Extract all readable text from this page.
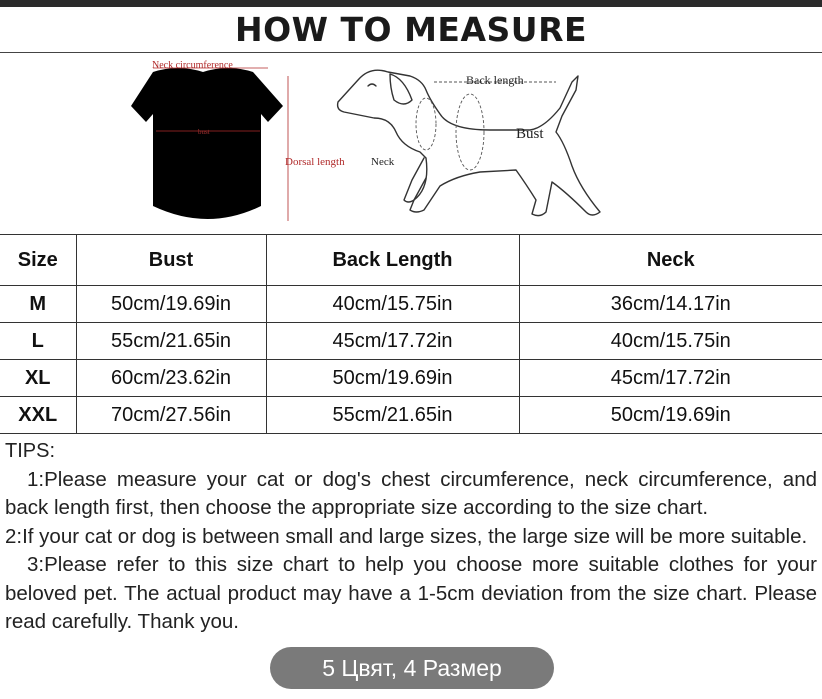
HOW TO MEASURE
Neck circumference
bust
Dorsal length Neck
Back length
Bust
Size	Bust	Back Length	Neck
M	50cm/19.69in	40cm/15.75in	36cm/14.17in
L	55cm/21.65in	45cm/17.72in	40cm/15.75in
XL	60cm/23.62in	50cm/19.69in	45cm/17.72in
XXL	70cm/27.56in	55cm/21.65in	50cm/19.69in

TIPS:

1:Please measure your cat or dog's chest circumference, neck circumference, and back length first, then choose the appropriate size according to the size chart.

2:If your cat or dog is between small and large sizes, the large size will be more suitable.

3:Please refer to this size chart to help you choose more suitable clothes for your beloved pet. The actual product may have a 1-5cm deviation from the size chart. Please read carefully. Thank you.

5 Цвят, 4 Размер
